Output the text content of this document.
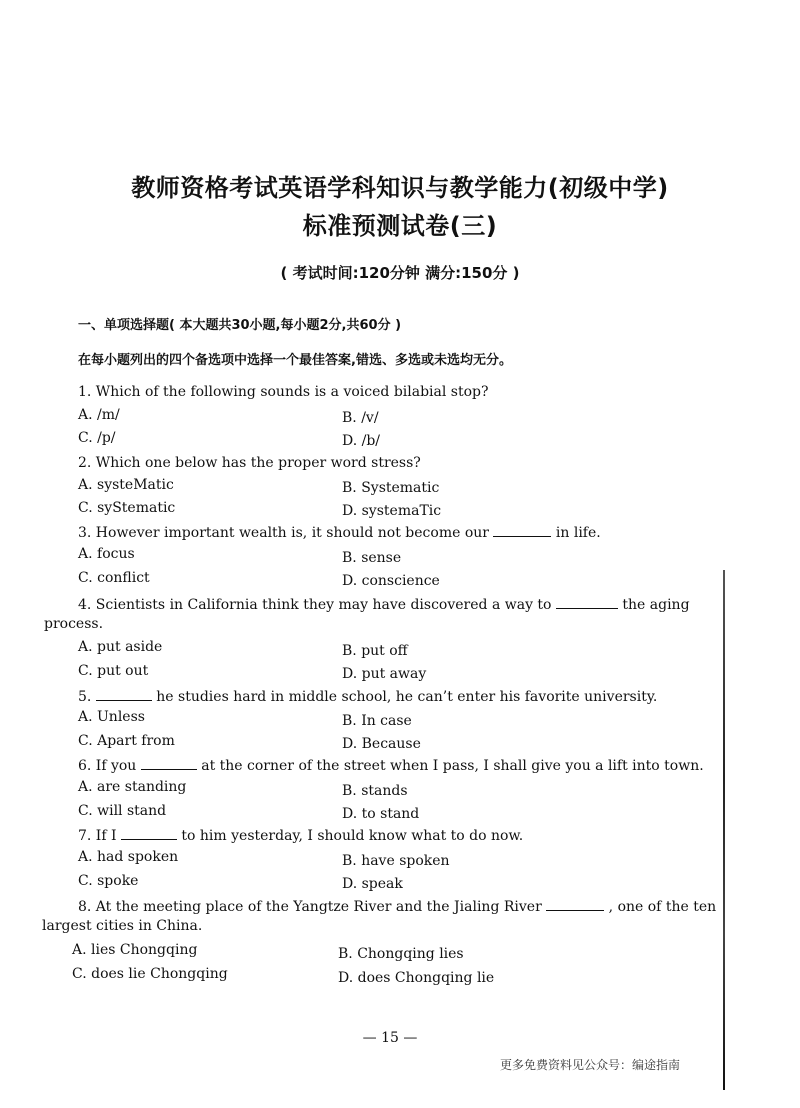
教师资格考试英语学科知识与教学能力(初级中学)
标准预测试卷(三)
( 考试时间:120分钟 满分:150分 )
一、单项选择题( 本大题共30小题,每小题2分,共60分 )
在每小题列出的四个备选项中选择一个最佳答案,错选、多选或未选均无分。
1. Which of the following sounds is a voiced bilabial stop?
A. /m/	B. /v/
C. /p/	D. /b/
2. Which one below has the proper word stress?
A. systeMatic	B. Systematic
C. syStematic	D. systemaTic
3. However important wealth is, it should not become our	in life.
A. focus	B. sense
C. conflict	D. conscience
4. Scientists in California think they may have discovered a way to	the aging
process.
A. put aside	B. put off
C. put out	D. put away
5.	he studies hard in middle school, he can’t enter his favorite university.
A. Unless	B. In case
C. Apart from	D. Because
6. If you	at the corner of the street when I pass, I shall give you a lift into town.
A. are standing	B. stands
C. will stand	D. to stand
7. If I	to him yesterday, I should know what to do now.
A. had spoken	B. have spoken
C. spoke	D. speak
8. At the meeting place of the Yangtze River and the Jialing River	, one of the ten
largest cities in China.
A. lies Chongqing	B. Chongqing lies
C. does lie Chongqing	D. does Chongqing lie
— 15 —
更多免费资料见公众号：编途指南
